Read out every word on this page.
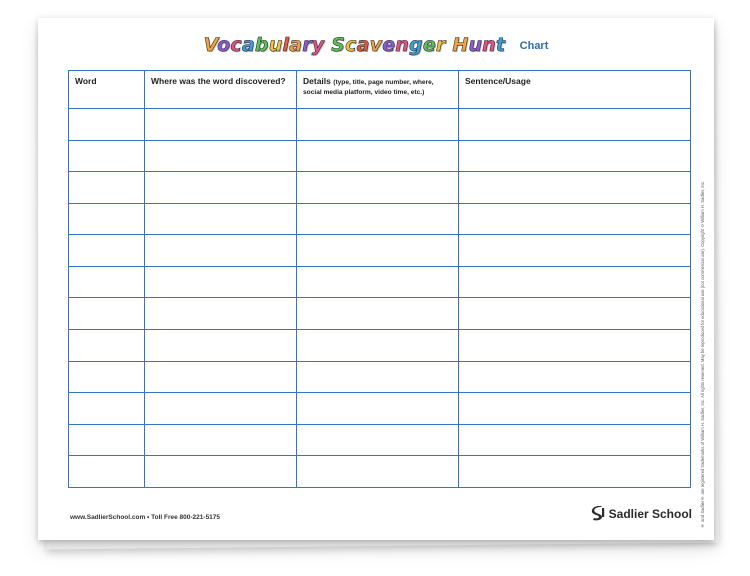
Vocabulary Scavenger Hunt Chart
Word	Where was the word discovered?	Details (type, title, page number, where, social media platform, video time, etc.)	Sentence/Usage

www.SadlierSchool.com • Toll Free 800-221-5175	Sadlier School ® and Sadlier® are registered trademarks of William H. Sadlier, Inc. All rights reserved. May be reproduced for educational use (not commercial use). Copyright ©William H. Sadlier, Inc.
